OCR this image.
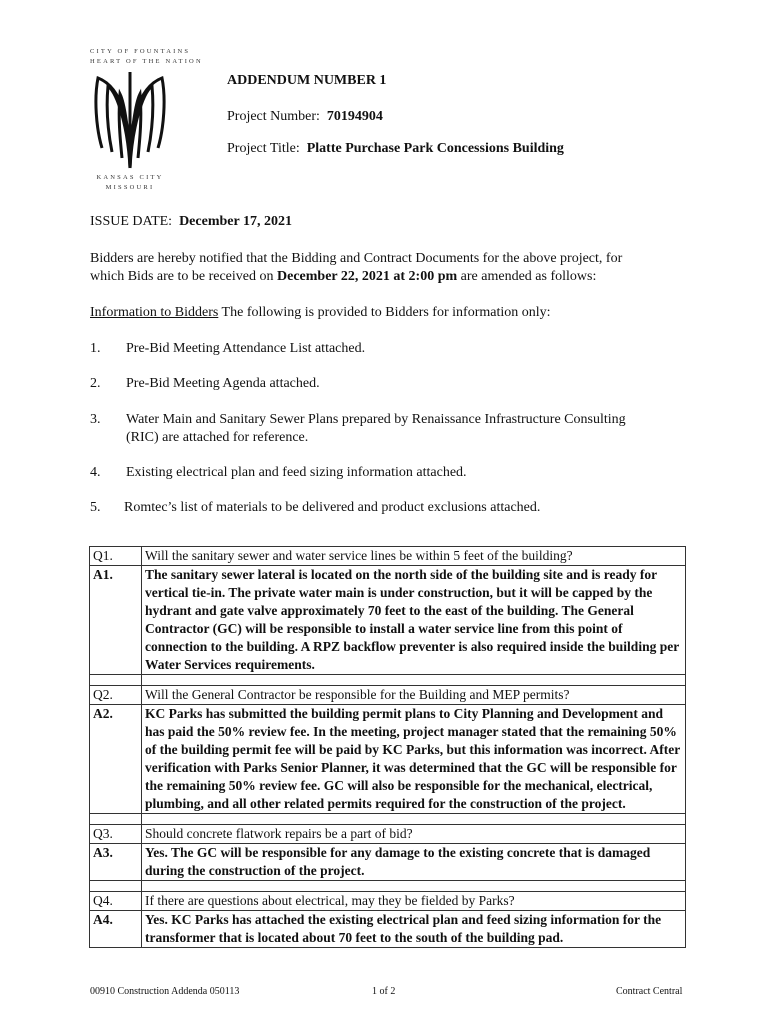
CITY OF FOUNTAINS
HEART OF THE NATION
KANSAS CITY
MISSOURI
ADDENDUM NUMBER 1
Project Number: 70194904
Project Title: Platte Purchase Park Concessions Building
ISSUE DATE: December 17, 2021
Bidders are hereby notified that the Bidding and Contract Documents for the above project, for
which Bids are to be received on December 22, 2021 at 2:00 pm are amended as follows:
Information to Bidders The following is provided to Bidders for information only:
1. Pre-Bid Meeting Attendance List attached.
2. Pre-Bid Meeting Agenda attached.
3. Water Main and Sanitary Sewer Plans prepared by Renaissance Infrastructure Consulting
(RIC) are attached for reference.
4. Existing electrical plan and feed sizing information attached.
5. Romtec’s list of materials to be delivered and product exclusions attached.
Q1.	Will the sanitary sewer and water service lines be within 5 feet of the building?
A1.	The sanitary sewer lateral is located on the north side of the building site and is ready for vertical tie-in. The private water main is under construction, but it will be capped by the hydrant and gate valve approximately 70 feet to the east of the building. The General Contractor (GC) will be responsible to install a water service line from this point of connection to the building. A RPZ backflow preventer is also required inside the building per Water Services requirements.

Q2.	Will the General Contractor be responsible for the Building and MEP permits?
A2.	KC Parks has submitted the building permit plans to City Planning and Development and has paid the 50% review fee. In the meeting, project manager stated that the remaining 50% of the building permit fee will be paid by KC Parks, but this information was incorrect. After verification with Parks Senior Planner, it was determined that the GC will be responsible for the remaining 50% review fee. GC will also be responsible for the mechanical, electrical, plumbing, and all other related permits required for the construction of the project.

Q3.	Should concrete flatwork repairs be a part of bid?
A3.	Yes. The GC will be responsible for any damage to the existing concrete that is damaged during the construction of the project.

Q4.	If there are questions about electrical, may they be fielded by Parks?
A4.	Yes. KC Parks has attached the existing electrical plan and feed sizing information for the transformer that is located about 70 feet to the south of the building pad.
00910 Construction Addenda 050113	1 of 2	Contract Central
